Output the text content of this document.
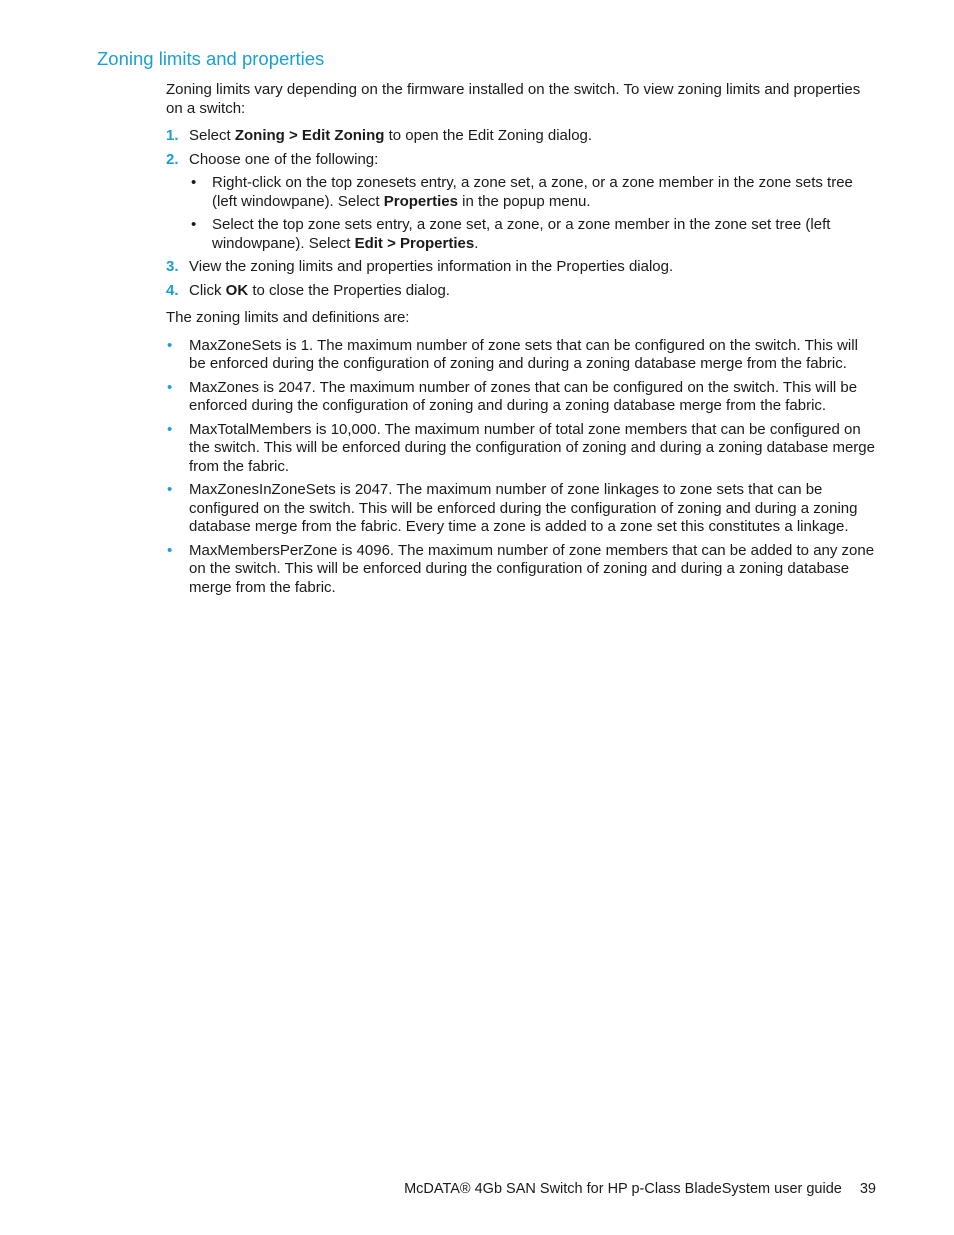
Zoning limits and properties

Zoning limits vary depending on the firmware installed on the switch. To view zoning limits and properties on a switch:

1. Select Zoning > Edit Zoning to open the Edit Zoning dialog.
2. Choose one of the following:
• Right-click on the top zonesets entry, a zone set, a zone, or a zone member in the zone sets tree (left windowpane). Select Properties in the popup menu.
• Select the top zone sets entry, a zone set, a zone, or a zone member in the zone set tree (left windowpane). Select Edit > Properties.
3. View the zoning limits and properties information in the Properties dialog.
4. Click OK to close the Properties dialog.

The zoning limits and definitions are:

• MaxZoneSets is 1. The maximum number of zone sets that can be configured on the switch. This will be enforced during the configuration of zoning and during a zoning database merge from the fabric.
• MaxZones is 2047. The maximum number of zones that can be configured on the switch. This will be enforced during the configuration of zoning and during a zoning database merge from the fabric.
• MaxTotalMembers is 10,000. The maximum number of total zone members that can be configured on the switch. This will be enforced during the configuration of zoning and during a zoning database merge from the fabric.
• MaxZonesInZoneSets is 2047. The maximum number of zone linkages to zone sets that can be configured on the switch. This will be enforced during the configuration of zoning and during a zoning database merge from the fabric. Every time a zone is added to a zone set this constitutes a linkage.
• MaxMembersPerZone is 4096. The maximum number of zone members that can be added to any zone on the switch. This will be enforced during the configuration of zoning and during a zoning database merge from the fabric.
McDATA® 4Gb SAN Switch for HP p-Class BladeSystem user guide 39
